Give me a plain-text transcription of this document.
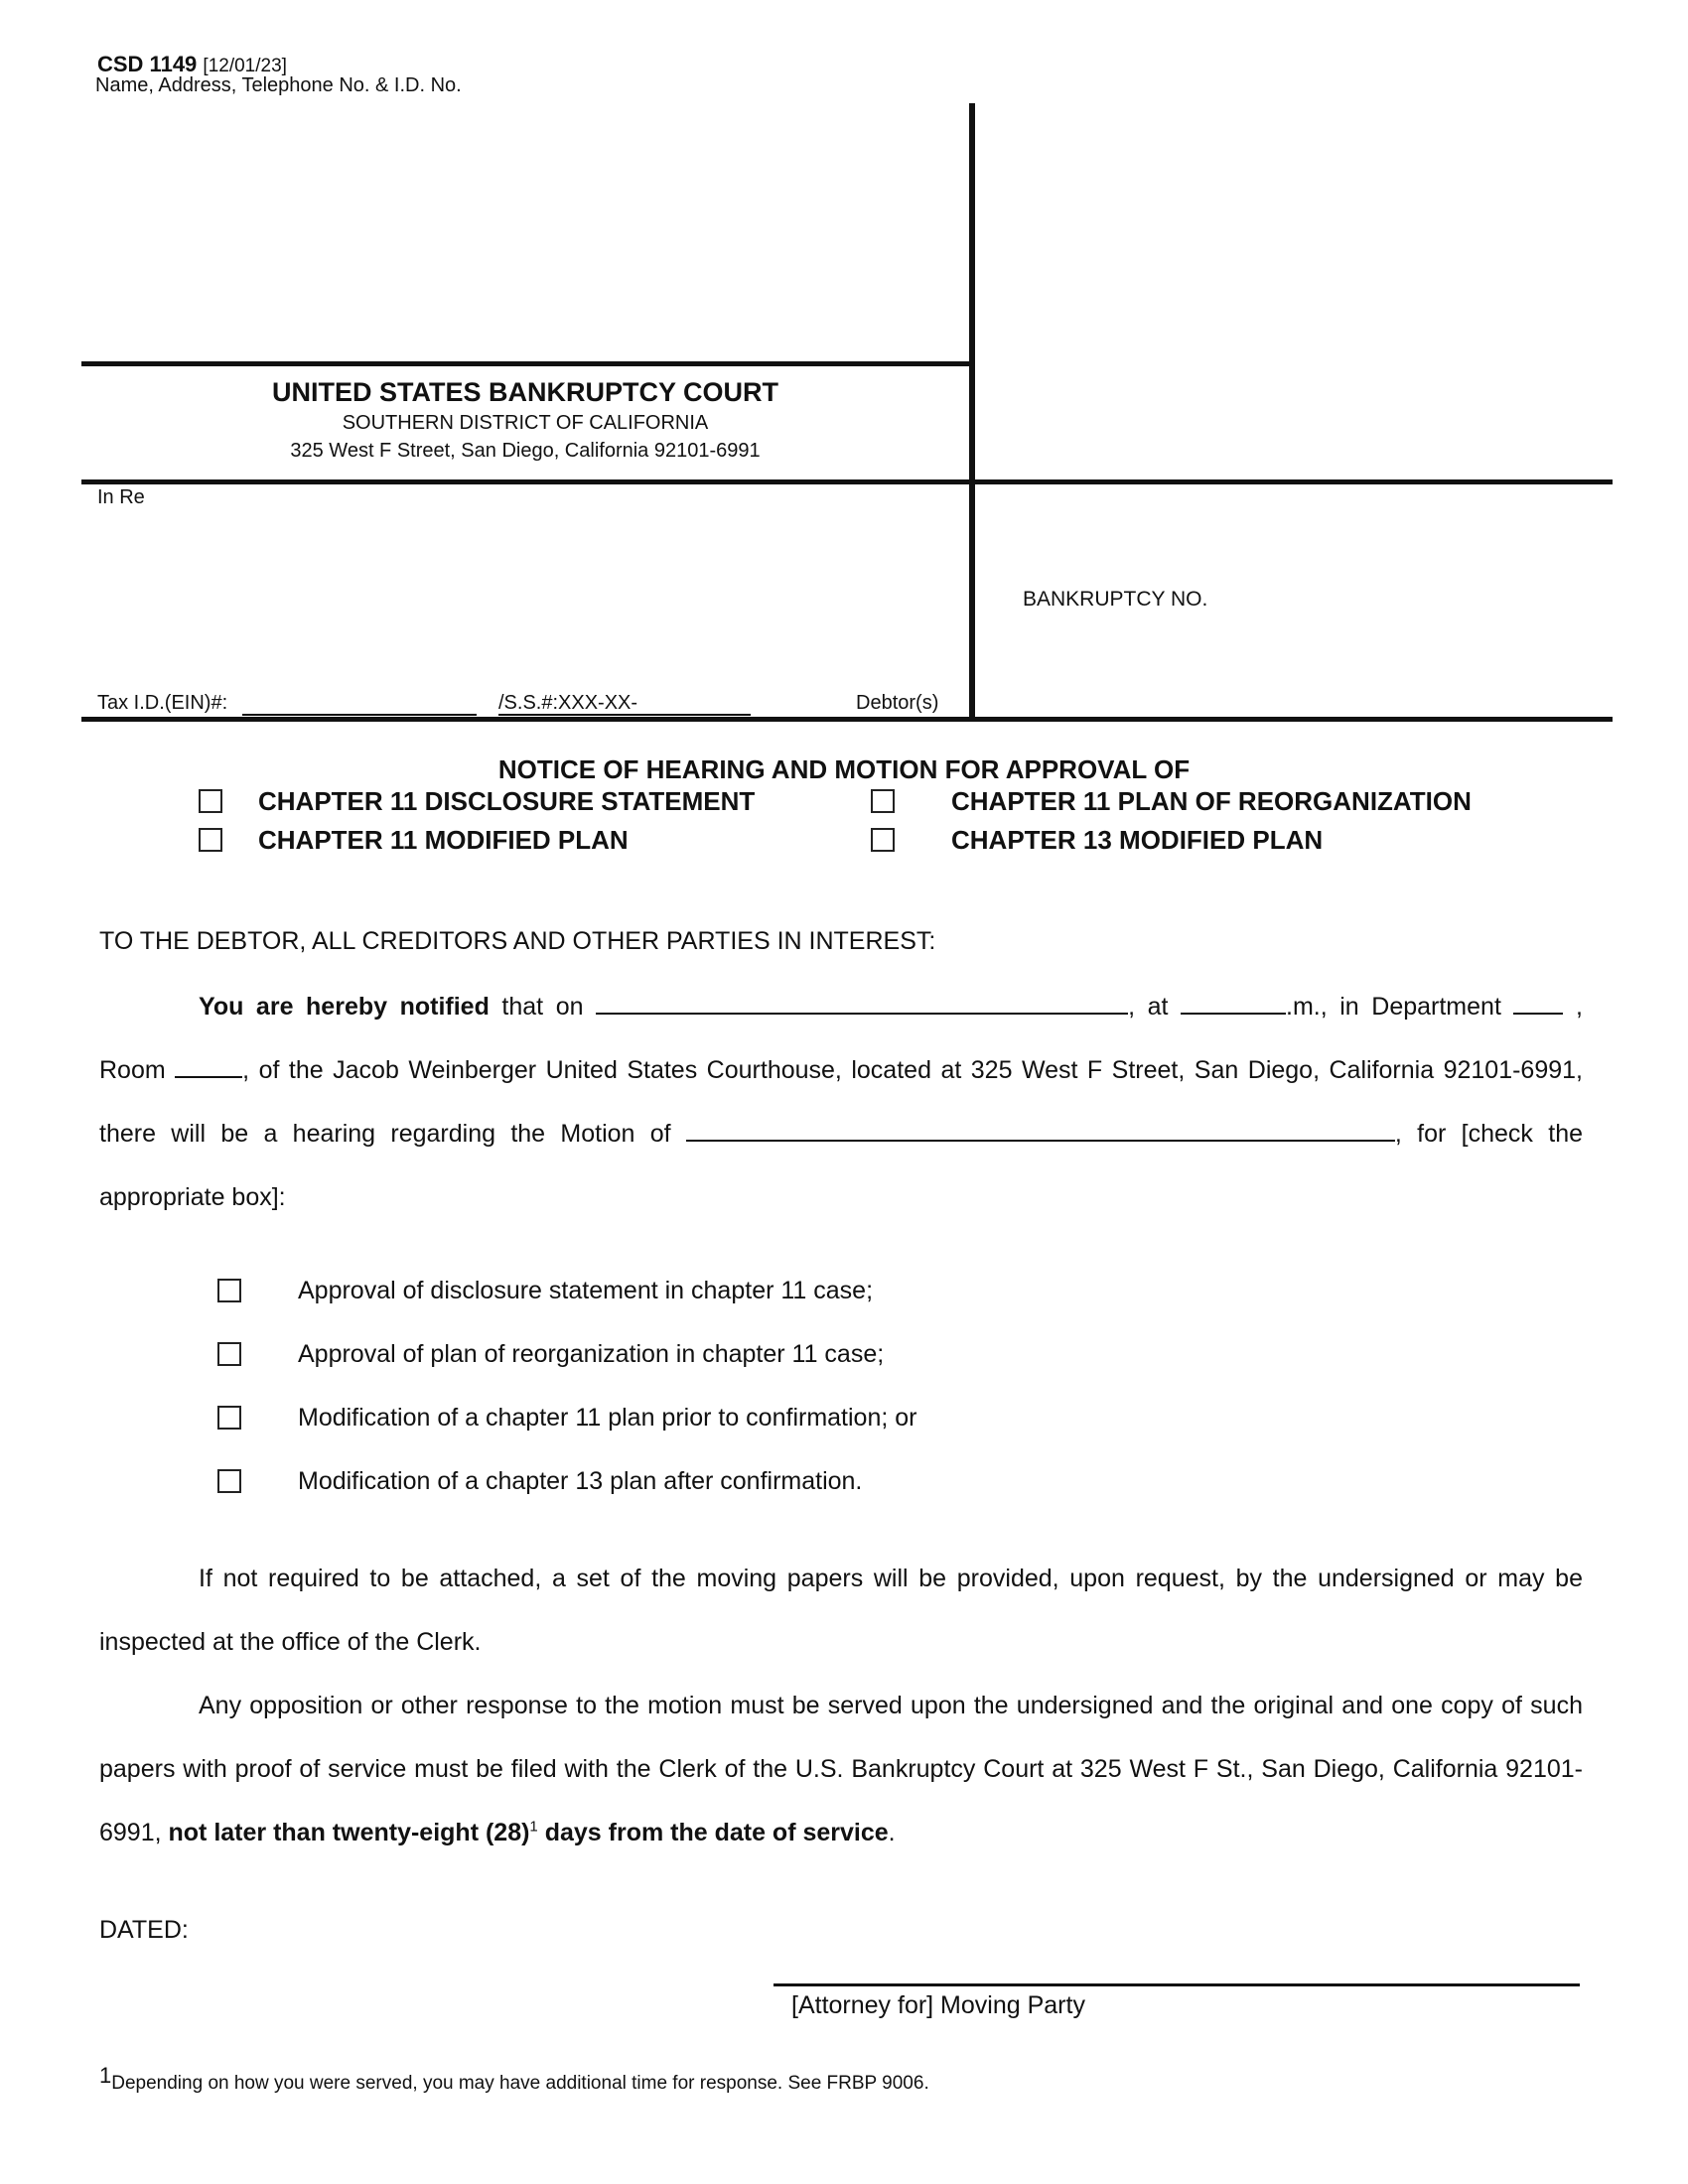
CSD 1149 [12/01/23]
Name, Address, Telephone No. & I.D. No.
UNITED STATES BANKRUPTCY COURT
SOUTHERN DISTRICT OF CALIFORNIA
325 West F Street, San Diego, California 92101-6991
In Re
BANKRUPTCY NO.
Tax I.D.(EIN)#:	/S.S.#:XXX-XX-	Debtor(s)
NOTICE OF HEARING AND MOTION FOR APPROVAL OF
CHAPTER 11 DISCLOSURE STATEMENT	CHAPTER 11 PLAN OF REORGANIZATION
CHAPTER 11 MODIFIED PLAN	CHAPTER 13 MODIFIED PLAN
TO THE DEBTOR, ALL CREDITORS AND OTHER PARTIES IN INTEREST:
You are hereby notified that on	, at	.m., in Department  , Room	, of the Jacob Weinberger United States Courthouse, located at 325 West F Street, San Diego, California 92101-6991, there will be a hearing regarding the Motion of	, for [check the appropriate box]:
Approval of disclosure statement in chapter 11 case;
Approval of plan of reorganization in chapter 11 case;
Modification of a chapter 11 plan prior to confirmation; or
Modification of a chapter 13 plan after confirmation.
If not required to be attached, a set of the moving papers will be provided, upon request, by the undersigned or may be inspected at the office of the Clerk.
Any opposition or other response to the motion must be served upon the undersigned and the original and one copy of such papers with proof of service must be filed with the Clerk of the U.S. Bankruptcy Court at 325 West F St., San Diego, California 92101-6991, not later than twenty-eight $(28)^1$ days from the date of service.
DATED:
[Attorney for] Moving Party
1Depending on how you were served, you may have additional time for response. See FRBP 9006.
